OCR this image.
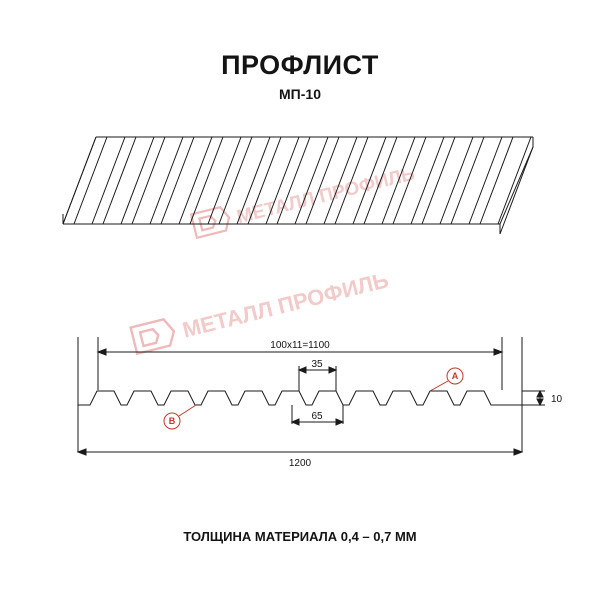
ПРОФЛИСТ
МП-10
ТОЛЩИНА МАТЕРИАЛА 0,4 – 0,7 ММ
МЕТАЛЛ ПРОФИЛЬ
МЕТАЛЛ ПРОФИЛЬ
100х11=1100
35
65
10
1200
A
B
